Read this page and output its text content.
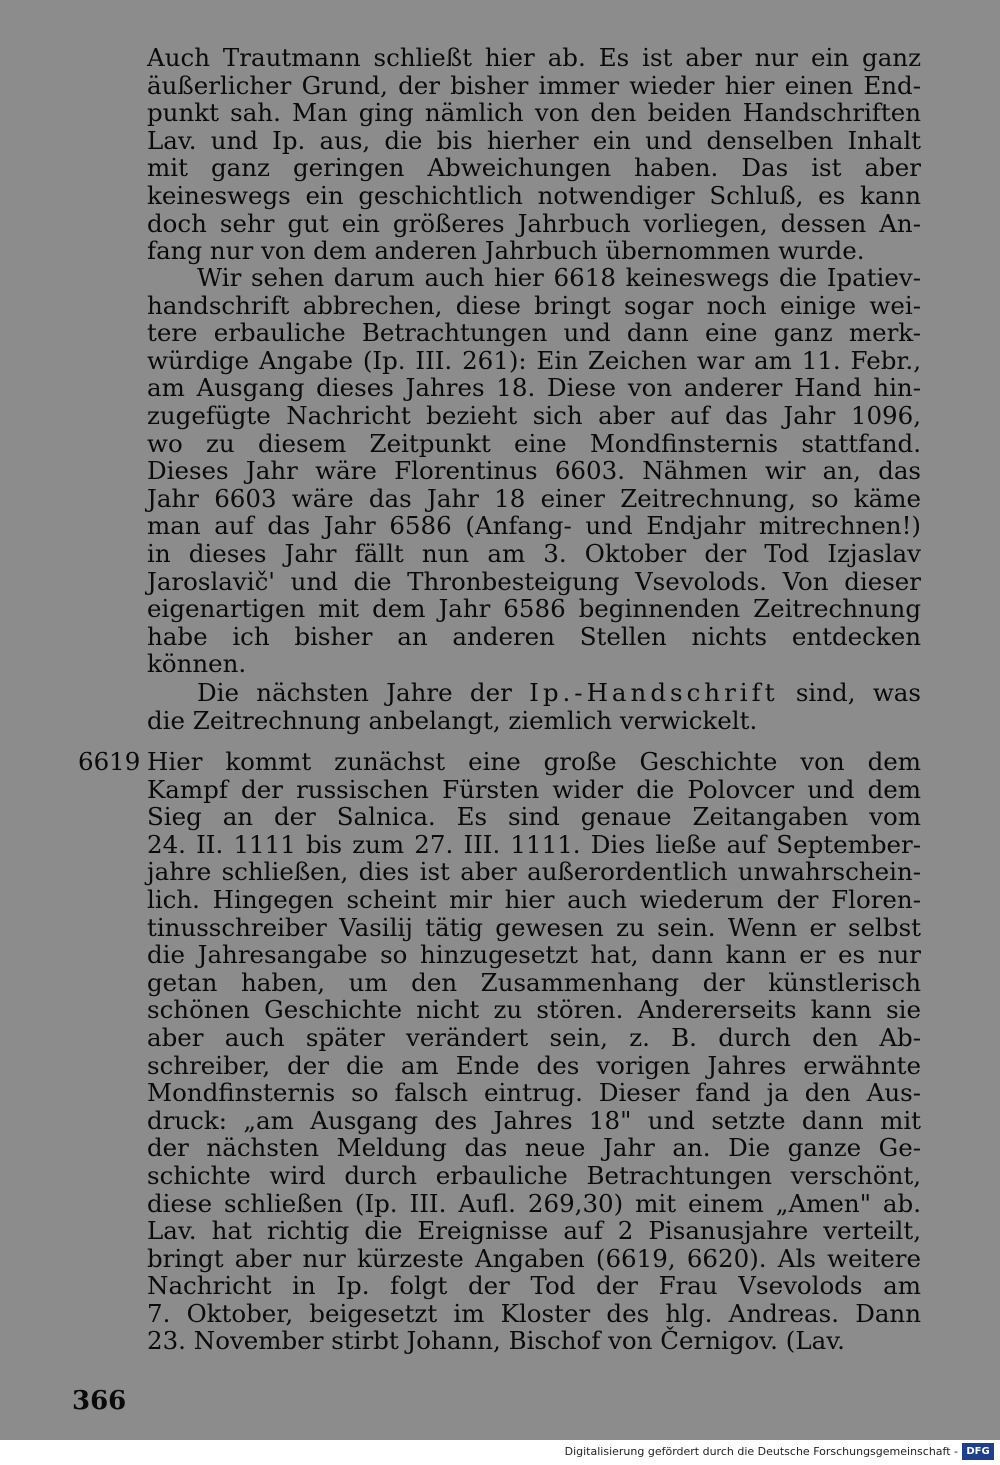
Auch Trautmann schließt hier ab. Es ist aber nur ein ganz
äußerlicher Grund, der bisher immer wieder hier einen End-
punkt sah. Man ging nämlich von den beiden Handschriften
Lav. und Ip. aus, die bis hierher ein und denselben Inhalt
mit ganz geringen Abweichungen haben. Das ist aber
keineswegs ein geschichtlich notwendiger Schluß, es kann
doch sehr gut ein größeres Jahrbuch vorliegen, dessen An-
fang nur von dem anderen Jahrbuch übernommen wurde.
Wir sehen darum auch hier 6618 keineswegs die Ipatiev-
handschrift abbrechen, diese bringt sogar noch einige wei-
tere erbauliche Betrachtungen und dann eine ganz merk-
würdige Angabe (Ip. III. 261): Ein Zeichen war am 11. Febr.,
am Ausgang dieses Jahres 18. Diese von anderer Hand hin-
zugefügte Nachricht bezieht sich aber auf das Jahr 1096,
wo zu diesem Zeitpunkt eine Mondfinsternis stattfand.
Dieses Jahr wäre Florentinus 6603. Nähmen wir an, das
Jahr 6603 wäre das Jahr 18 einer Zeitrechnung, so käme
man auf das Jahr 6586 (Anfang- und Endjahr mitrechnen!)
in dieses Jahr fällt nun am 3. Oktober der Tod Izjaslav
Jaroslavič' und die Thronbesteigung Vsevolods. Von dieser
eigenartigen mit dem Jahr 6586 beginnenden Zeitrechnung
habe ich bisher an anderen Stellen nichts entdecken
können.
Die nächsten Jahre der Ip.-Handschrift sind, was
die Zeitrechnung anbelangt, ziemlich verwickelt.
6619 Hier kommt zunächst eine große Geschichte von dem
Kampf der russischen Fürsten wider die Polovcer und dem
Sieg an der Salnica. Es sind genaue Zeitangaben vom
24. II. 1111 bis zum 27. III. 1111. Dies ließe auf September-
jahre schließen, dies ist aber außerordentlich unwahrschein-
lich. Hingegen scheint mir hier auch wiederum der Floren-
tinusschreiber Vasilij tätig gewesen zu sein. Wenn er selbst
die Jahresangabe so hinzugesetzt hat, dann kann er es nur
getan haben, um den Zusammenhang der künstlerisch
schönen Geschichte nicht zu stören. Andererseits kann sie
aber auch später verändert sein, z. B. durch den Ab-
schreiber, der die am Ende des vorigen Jahres erwähnte
Mondfinsternis so falsch eintrug. Dieser fand ja den Aus-
druck: „am Ausgang des Jahres 18" und setzte dann mit
der nächsten Meldung das neue Jahr an. Die ganze Ge-
schichte wird durch erbauliche Betrachtungen verschönt,
diese schließen (Ip. III. Aufl. 269,30) mit einem „Amen" ab.
Lav. hat richtig die Ereignisse auf 2 Pisanusjahre verteilt,
bringt aber nur kürzeste Angaben (6619, 6620). Als weitere
Nachricht in Ip. folgt der Tod der Frau Vsevolods am
7. Oktober, beigesetzt im Kloster des hlg. Andreas. Dann
23. November stirbt Johann, Bischof von Černigov. (Lav.
366
Digitalisierung gefördert durch die Deutsche Forschungsgemeinschaft - DFG
